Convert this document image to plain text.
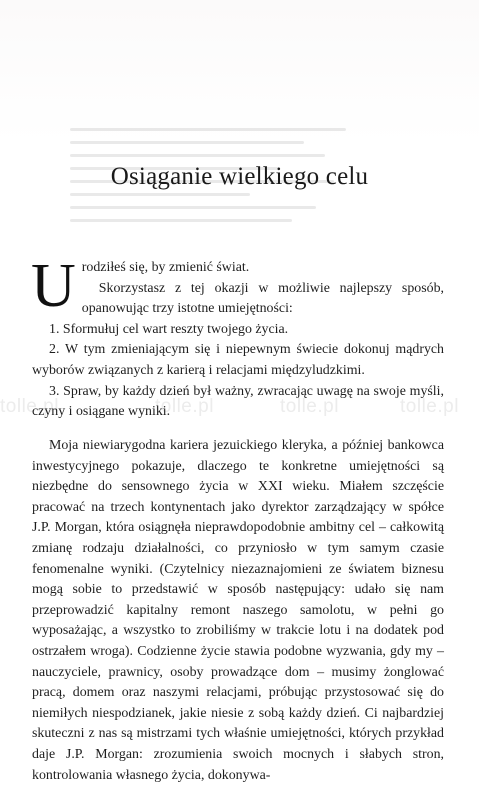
tolle.pl	tolle.pl	tolle.pl	tolle.pl
Osiąganie wielkiego celu

Urodziłeś się, by zmienić świat.

Skorzystasz z tej okazji w możliwie najlepszy sposób, opanowując trzy istotne umiejętności:

1. Sformułuj cel wart reszty twojego życia.

2. W tym zmieniającym się i niepewnym świecie dokonuj mądrych wyborów związanych z karierą i relacjami międzyludzkimi.

3. Spraw, by każdy dzień był ważny, zwracając uwagę na swoje myśli, czyny i osiągane wyniki.

Moja niewiarygodna kariera jezuickiego kleryka, a później bankowca inwestycyjnego pokazuje, dlaczego te konkretne umiejętności są niezbędne do sensownego życia w XXI wieku. Miałem szczęście pracować na trzech kontynentach jako dyrektor zarządzający w spółce J.P. Morgan, która osiągnęła nieprawdopodobnie ambitny cel – całkowitą zmianę rodzaju działalności, co przyniosło w tym samym czasie fenomenalne wyniki. (Czytelnicy niezaznajomieni ze światem biznesu mogą sobie to przedstawić w sposób następujący: udało się nam przeprowadzić kapitalny remont naszego samolotu, w pełni go wyposażając, a wszystko to zrobiliśmy w trakcie lotu i na dodatek pod ostrzałem wroga). Codzienne życie stawia podobne wyzwania, gdy my – nauczyciele, prawnicy, osoby prowadzące dom – musimy żonglować pracą, domem oraz naszymi relacjami, próbując przystosować się do niemiłych niespodzianek, jakie niesie z sobą każdy dzień. Ci najbardziej skuteczni z nas są mistrzami tych właśnie umiejętności, których przykład daje J.P. Morgan: zrozumienia swoich mocnych i słabych stron, kontrolowania własnego życia, dokonywa-
